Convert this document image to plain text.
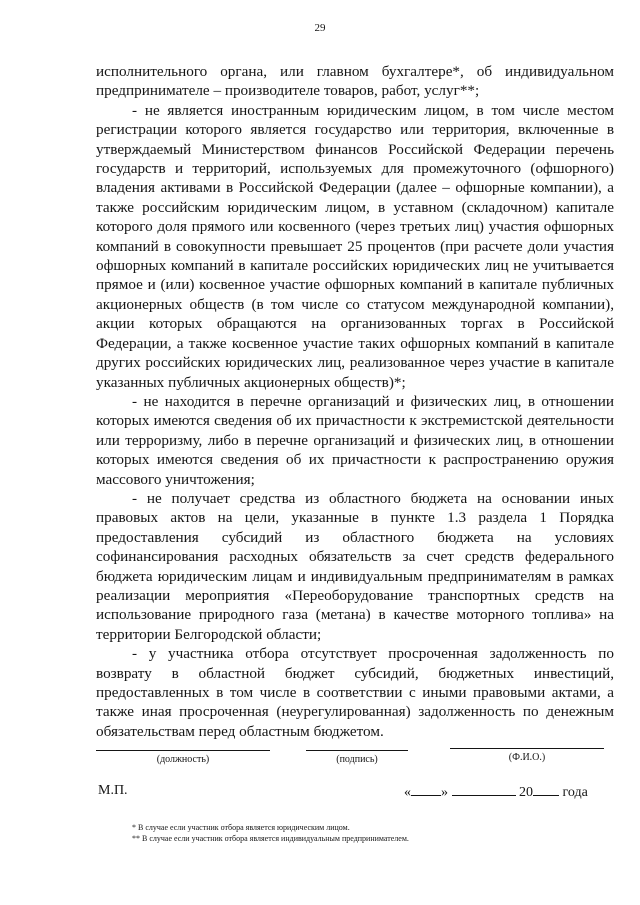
29

исполнительного органа, или главном бухгалтере*, об индивидуальном предпринимателе – производителе товаров, работ, услуг**;

- не является иностранным юридическим лицом, в том числе местом регистрации которого является государство или территория, включенные в утверждаемый Министерством финансов Российской Федерации перечень государств и территорий, используемых для промежуточного (офшорного) владения активами в Российской Федерации (далее – офшорные компании), а также российским юридическим лицом, в уставном (складочном) капитале которого доля прямого или косвенного (через третьих лиц) участия офшорных компаний в совокупности превышает 25 процентов (при расчете доли участия офшорных компаний в капитале российских юридических лиц не учитывается прямое и (или) косвенное участие офшорных компаний в капитале публичных акционерных обществ (в том числе со статусом международной компании), акции которых обращаются на организованных торгах в Российской Федерации, а также косвенное участие таких офшорных компаний в капитале других российских юридических лиц, реализованное через участие в капитале указанных публичных акционерных обществ)*;

- не находится в перечне организаций и физических лиц, в отношении которых имеются сведения об их причастности к экстремистской деятельности или терроризму, либо в перечне организаций и физических лиц, в отношении которых имеются сведения об их причастности к распространению оружия массового уничтожения;

- не получает средства из областного бюджета на основании иных правовых актов на цели, указанные в пункте 1.3 раздела 1 Порядка предоставления субсидий из областного бюджета на условиях софинансирования расходных обязательств за счет средств федерального бюджета юридическим лицам и индивидуальным предпринимателям в рамках реализации мероприятия «Переоборудование транспортных средств на использование природного газа (метана) в качестве моторного топлива» на территории Белгородской области;

- у участника отбора отсутствует просроченная задолженность по возврату в областной бюджет субсидий, бюджетных инвестиций, предоставленных в том числе в соответствии с иными правовыми актами, а также иная просроченная (неурегулированная) задолженность по денежным обязательствам перед областным бюджетом.

(должность)	(подпись)	(Ф.И.О.)
М.П.	« »	20 года
* В случае если участник отбора является юридическим лицом.
** В случае если участник отбора является индивидуальным предпринимателем.
